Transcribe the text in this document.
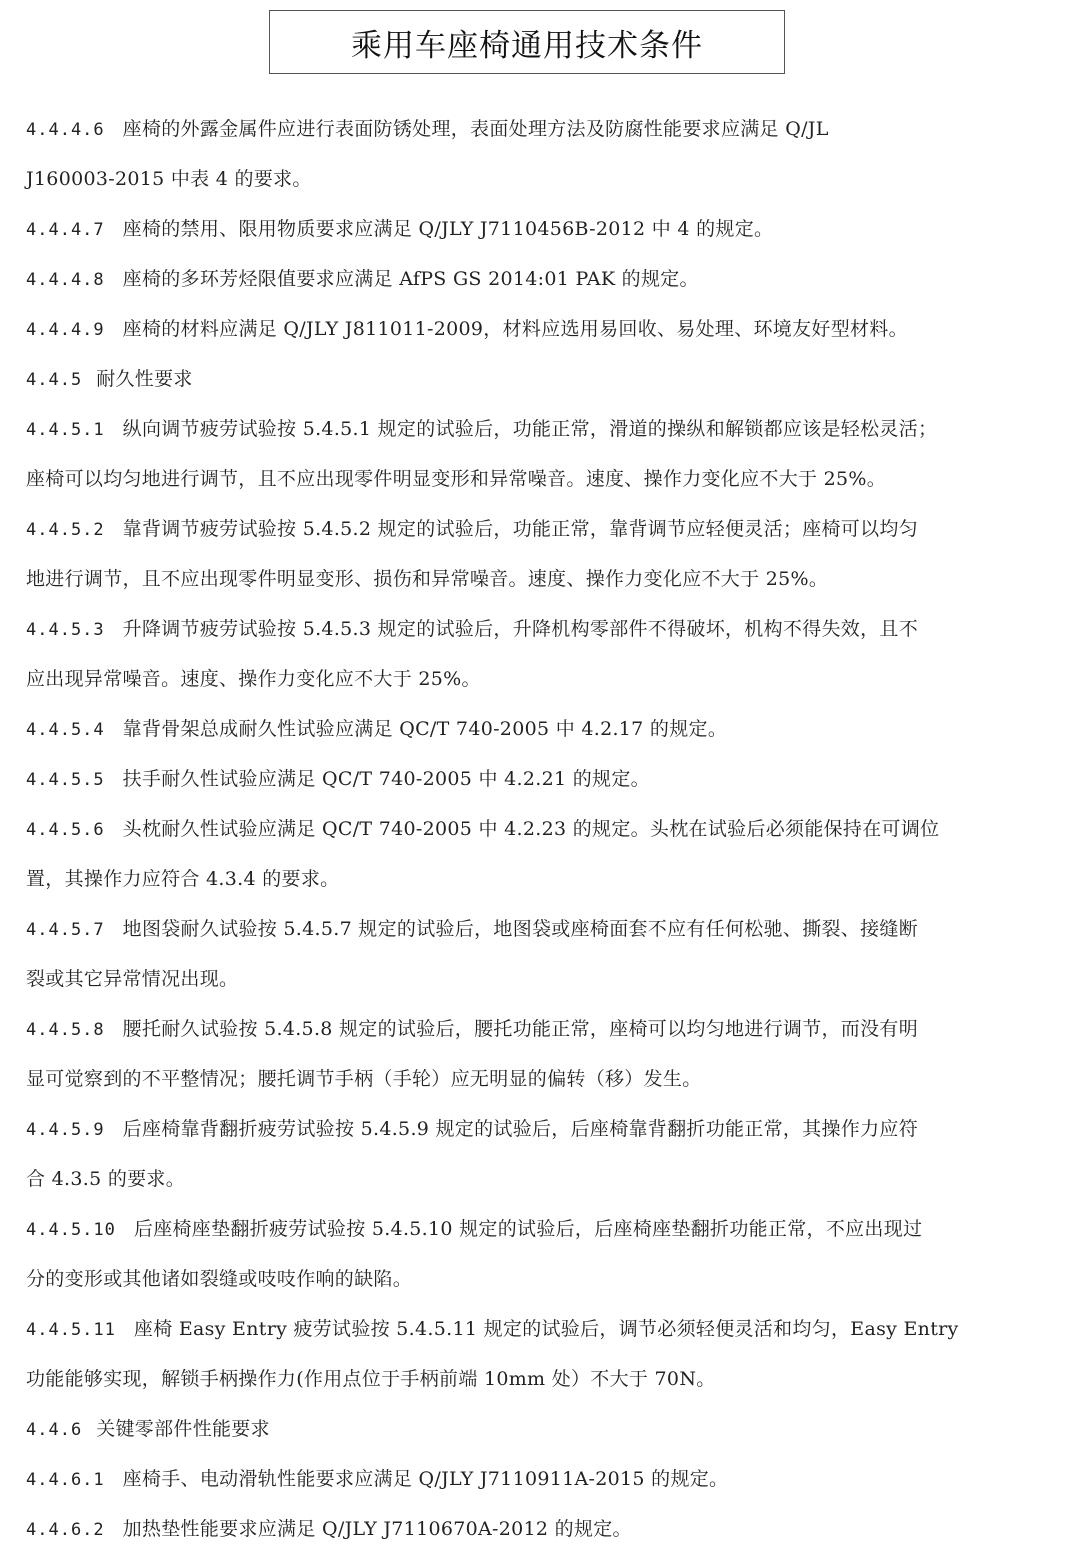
乘用车座椅通用技术条件
4.4.4.6 座椅的外露金属件应进行表面防锈处理，表面处理方法及防腐性能要求应满足 Q/JL
J160003-2015 中表 4 的要求。
4.4.4.7 座椅的禁用、限用物质要求应满足 Q/JLY J7110456B-2012 中 4 的规定。
4.4.4.8 座椅的多环芳烃限值要求应满足 AfPS GS 2014:01 PAK 的规定。
4.4.4.9 座椅的材料应满足 Q/JLY J811011-2009，材料应选用易回收、易处理、环境友好型材料。
4.4.5 耐久性要求
4.4.5.1 纵向调节疲劳试验按 5.4.5.1 规定的试验后，功能正常，滑道的操纵和解锁都应该是轻松灵活；
座椅可以均匀地进行调节，且不应出现零件明显变形和异常噪音。速度、操作力变化应不大于 25%。
4.4.5.2 靠背调节疲劳试验按 5.4.5.2 规定的试验后，功能正常，靠背调节应轻便灵活；座椅可以均匀
地进行调节，且不应出现零件明显变形、损伤和异常噪音。速度、操作力变化应不大于 25%。
4.4.5.3 升降调节疲劳试验按 5.4.5.3 规定的试验后，升降机构零部件不得破坏，机构不得失效，且不
应出现异常噪音。速度、操作力变化应不大于 25%。
4.4.5.4 靠背骨架总成耐久性试验应满足 QC/T 740-2005 中 4.2.17 的规定。
4.4.5.5 扶手耐久性试验应满足 QC/T 740-2005 中 4.2.21 的规定。
4.4.5.6 头枕耐久性试验应满足 QC/T 740-2005 中 4.2.23 的规定。头枕在试验后必须能保持在可调位
置，其操作力应符合 4.3.4 的要求。
4.4.5.7 地图袋耐久试验按 5.4.5.7 规定的试验后，地图袋或座椅面套不应有任何松驰、撕裂、接缝断
裂或其它异常情况出现。
4.4.5.8 腰托耐久试验按 5.4.5.8 规定的试验后，腰托功能正常，座椅可以均匀地进行调节，而没有明
显可觉察到的不平整情况；腰托调节手柄（手轮）应无明显的偏转（移）发生。
4.4.5.9 后座椅靠背翻折疲劳试验按 5.4.5.9 规定的试验后，后座椅靠背翻折功能正常，其操作力应符
合 4.3.5 的要求。
4.4.5.10 后座椅座垫翻折疲劳试验按 5.4.5.10 规定的试验后，后座椅座垫翻折功能正常，不应出现过
分的变形或其他诸如裂缝或吱吱作响的缺陷。
4.4.5.11 座椅 Easy Entry 疲劳试验按 5.4.5.11 规定的试验后，调节必须轻便灵活和均匀，Easy Entry
功能能够实现，解锁手柄操作力(作用点位于手柄前端 10mm 处）不大于 70N。
4.4.6 关键零部件性能要求
4.4.6.1 座椅手、电动滑轨性能要求应满足 Q/JLY J7110911A-2015 的规定。
4.4.6.2 加热垫性能要求应满足 Q/JLY J7110670A-2012 的规定。
